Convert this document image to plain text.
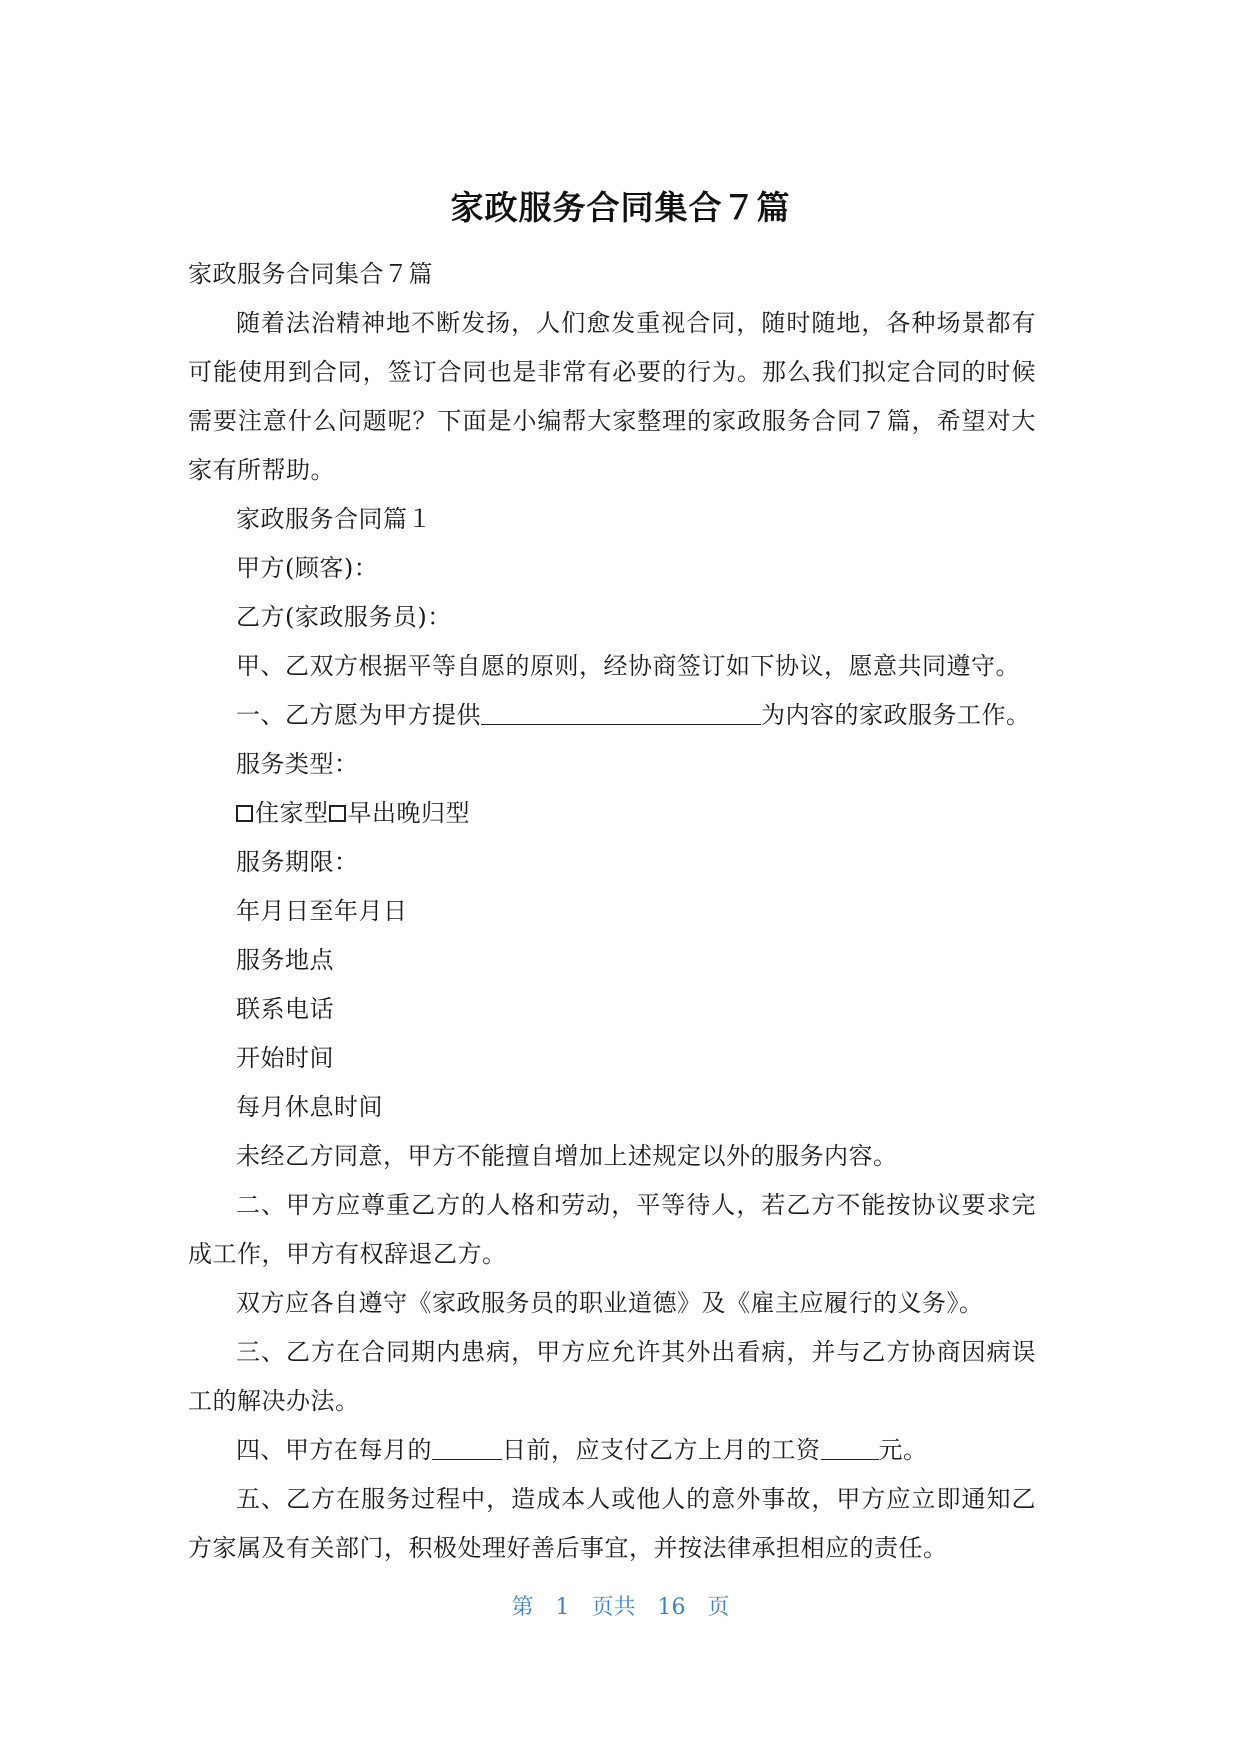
家政服务合同集合７篇
家政服务合同集合７篇

随着法治精神地不断发扬，人们愈发重视合同，随时随地，各种场景都有可能使用到合同，签订合同也是非常有必要的行为。那么我们拟定合同的时候需要注意什么问题呢？下面是小编帮大家整理的家政服务合同７篇，希望对大家有所帮助。

家政服务合同篇１
甲方(顾客)：
乙方(家政服务员)：
甲、乙双方根据平等自愿的原则，经协商签订如下协议，愿意共同遵守。
一、乙方愿为甲方提供	为内容的家政服务工作。
服务类型：
住家型 早出晚归型
服务期限：
年月日至年月日
服务地点
联系电话
开始时间
每月休息时间
未经乙方同意，甲方不能擅自增加上述规定以外的服务内容。

二、甲方应尊重乙方的人格和劳动，平等待人，若乙方不能按协议要求完成工作，甲方有权辞退乙方。

双方应各自遵守《家政服务员的职业道德》及《雇主应履行的义务》。

三、乙方在合同期内患病，甲方应允许其外出看病，并与乙方协商因病误工的解决办法。

四、甲方在每月的	日前，应支付乙方上月的工资 元。

五、乙方在服务过程中，造成本人或他人的意外事故，甲方应立即通知乙方家属及有关部门，积极处理好善后事宜，并按法律承担相应的责任。

第 1 页共 16 页
